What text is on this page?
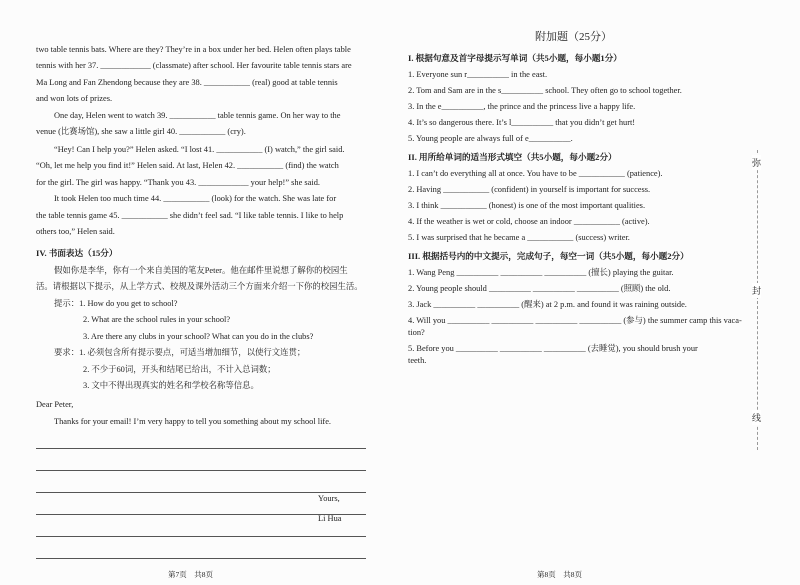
two table tennis bats. Where are they? They’re in a box under her bed. Helen often plays table
tennis with her 37. ____________ (classmate) after school. Her favourite table tennis stars are
Ma Long and Fan Zhendong because they are 38. ___________ (real) good at table tennis
and won lots of prizes.
One day, Helen went to watch 39. ___________ table tennis game. On her way to the
venue (比赛场馆), she saw a little girl 40. ___________ (cry).
“Hey! Can I help you?” Helen asked. “I lost 41. ___________ (I) watch,” the girl said.
“Oh, let me help you find it!” Helen said. At last, Helen 42. ___________ (find) the watch
for the girl. The girl was happy. “Thank you 43. ____________ your help!” she said.
It took Helen too much time 44. ___________ (look) for the watch. She was late for
the table tennis game 45. ___________ she didn’t feel sad. “I like table tennis. I like to help
others too,” Helen said.
IV. 书面表达（15分）
假如你是李华，你有一个来自美国的笔友Peter。他在邮件里说想了解你的校园生
活。请根据以下提示，从上学方式、校规及课外活动三个方面来介绍一下你的校园生活。
提示：1. How do you get to school?
2. What are the school rules in your school?
3. Are there any clubs in your school? What can you do in the clubs?
要求：1. 必须包含所有提示要点，可适当增加细节，以使行文连贯；
2. 不少于60词，开头和结尾已给出，不计入总词数；
3. 文中不得出现真实的姓名和学校名称等信息。
Dear Peter,
Thanks for your email! I’m very happy to tell you something about my school life.
Yours,
Li Hua
第7页　共8页
附加题（25分）
I. 根据句意及首字母提示写单词（共5小题，每小题1分）
1. Everyone sun r__________ in the east.
2. Tom and Sam are in the s__________ school. They often go to school together.
3. In the e__________, the prince and the princess live a happy life.
4. It’s so dangerous there. It’s l__________ that you didn’t get hurt!
5. Young people are always full of e__________.
II. 用所给单词的适当形式填空（共5小题，每小题2分）
1. I can’t do everything all at once. You have to be ___________ (patience).
2. Having ___________ (confident) in yourself is important for success.
3. I think ___________ (honest) is one of the most important qualities.
4. If the weather is wet or cold, choose an indoor ___________ (active).
5. I was surprised that he became a ___________ (success) writer.
III. 根据括号内的中文提示，完成句子，每空一词（共5小题，每小题2分）
1. Wang Peng __________ __________ __________ (擅长) playing the guitar.
2. Young people should __________ __________ __________ (照顾) the old.
3. Jack __________ __________ (醒来) at 2 p.m. and found it was raining outside.
4. Will you __________ __________ __________ __________ (参与) the summer camp this vaca-
tion?
5. Before you __________ __________ __________ (去睡觉), you should brush your
teeth.
第8页　共8页
弥
封
线
